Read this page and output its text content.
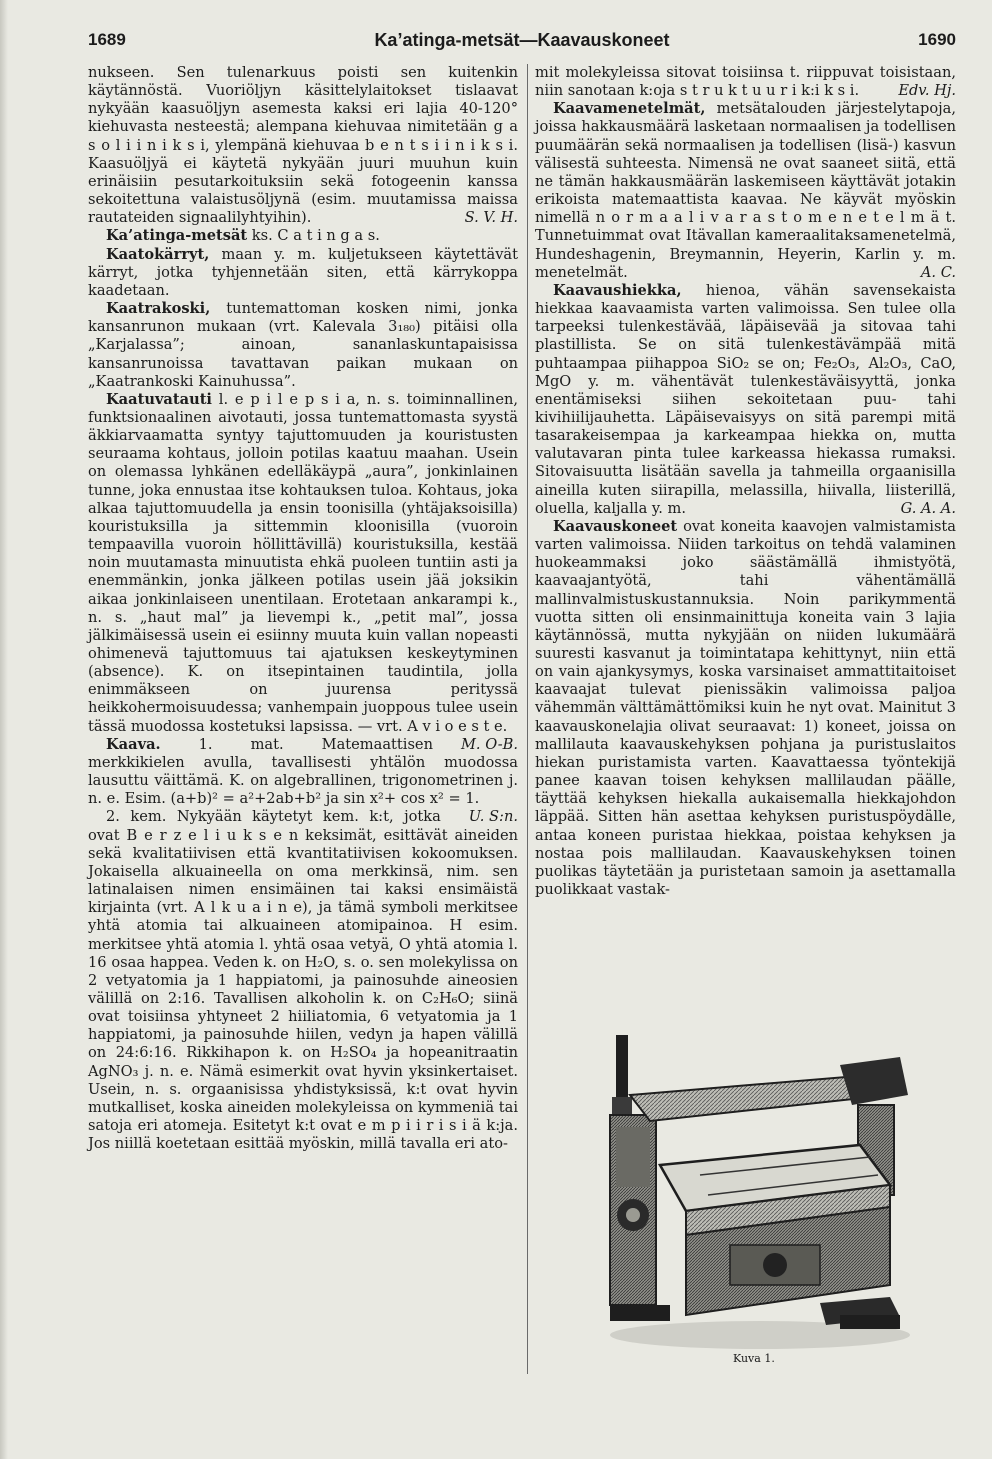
1689	Ka’atinga-metsät—Kaavauskoneet	1690

nukseen. Sen tulenarkuus poisti sen kuitenkin käytännöstä. Vuoriöljyn käsittelylaitokset tislaavat nykyään kaasuöljyn asemesta kaksi eri lajia 40-120° kiehuvasta nesteestä; alempana kiehuvaa nimitetään g a s o l i i n i k s i, ylempänä kiehuvaa b e n t s i i n i k s i. Kaasuöljyä ei käytetä nykyään juuri muuhun kuin erinäisiin pesutarkoituksiin sekä fotogeenin kanssa sekoitettuna valaistusöljynä (esim. muutamissa maissa rautateiden signaalilyhtyihin).	S. V. H.

Ka’atinga-metsät ks. C a t i n g a s.

Kaatokärryt, maan y. m. kuljetukseen käytettävät kärryt, jotka tyhjennetään siten, että kärrykoppa kaadetaan.

Kaatrakoski, tuntemattoman kosken nimi, jonka kansanrunon mukaan (vrt. Kalevala 3₁₈₀) pitäisi olla „Karjalassa”; ainoan, sananlaskuntapaisissa kansanrunoissa tavattavan paikan mukaan on „Kaatrankoski Kainuhussa”.

Kaatuvatauti l. e p i l e p s i a, n. s. toiminnallinen, funktsionaalinen aivotauti, jossa tuntemattomasta syystä äkkiarvaamatta syntyy tajuttomuuden ja kouristusten seuraama kohtaus, jolloin potilas kaatuu maahan. Usein on olemassa lyhkänen edelläkäypä „aura”, jonkinlainen tunne, joka ennustaa itse kohtauksen tuloa. Kohtaus, joka alkaa tajuttomuudella ja ensin toonisilla (yhtäjaksoisilla) kouristuksilla ja sittemmin kloonisilla (vuoroin tempaavilla vuoroin höllittävillä) kouristuksilla, kestää noin muutamasta minuutista ehkä puoleen tuntiin asti ja enemmänkin, jonka jälkeen potilas usein jää joksikin aikaa jonkinlaiseen unentilaan. Erotetaan ankarampi k., n. s. „haut mal” ja lievempi k., „petit mal”, jossa jälkimäisessä usein ei esiinny muuta kuin vallan nopeasti ohimenevä tajuttomuus tai ajatuksen keskeytyminen (absence). K. on itsepintainen taudintila, jolla enimmäkseen on juurensa perityssä heikkohermoisuudessa; vanhempain juoppous tulee usein tässä muodossa kostetuksi lapsissa. — vrt. A v i o e s t e.
M. O-B.

Kaava. 1. mat. Matemaattisen merkkikielen avulla, tavallisesti yhtälön muodossa lausuttu väittämä. K. on algebrallinen, trigonometrinen j. n. e. Esim. (a+b)² = a²+2ab+b² ja sin x²+ cos x² = 1.
U. S:n.

2. kem. Nykyään käytetyt kem. k:t, jotka ovat B e r z e l i u k s e n keksimät, esittävät aineiden sekä kvalitatiivisen että kvantitatiivisen kokoomuksen. Jokaisella alkuaineella on oma merkkinsä, nim. sen latinalaisen nimen ensimäinen tai kaksi ensimäistä kirjainta (vrt. A l k u a i n e), ja tämä symboli merkitsee yhtä atomia tai alkuaineen atomipainoa. H esim. merkitsee yhtä atomia l. yhtä osaa vetyä, O yhtä atomia l. 16 osaa happea. Veden k. on H₂O, s. o. sen molekylissa on 2 vetyatomia ja 1 happiatomi, ja painosuhde aineosien välillä on 2:16. Tavallisen alkoholin k. on C₂H₆O; siinä ovat toisiinsa yhtyneet 2 hiiliatomia, 6 vetyatomia ja 1 happiatomi, ja painosuhde hiilen, vedyn ja hapen välillä on 24:6:16. Rikkihapon k. on H₂SO₄ ja hopeanitraatin AgNO₃ j. n. e. Nämä esimerkit ovat hyvin yksinkertaiset. Usein, n. s. orgaanisissa yhdistyksissä, k:t ovat hyvin mutkalliset, koska aineiden molekyleissa on kymmeniä tai satoja eri atomeja. Esitetyt k:t ovat e m p i i r i s i ä k:ja. Jos niillä koetetaan esittää myöskin, millä tavalla eri ato-

mit molekyleissa sitovat toisiinsa t. riippuvat toisistaan, niin sanotaan k:oja s t r u k t u u r i k:i k s i.	Edv. Hj.

Kaavamenetelmät, metsätalouden järjestelytapoja, joissa hakkausmäärä lasketaan normaalisen ja todellisen puumäärän sekä normaalisen ja todellisen (lisä-) kasvun välisestä suhteesta. Nimensä ne ovat saaneet siitä, että ne tämän hakkausmäärän laskemiseen käyttävät jotakin erikoista matemaattista kaavaa. Ne käyvät myöskin nimellä n o r m a a l i v a r a s t o m e n e t e l m ä t. Tunnetuimmat ovat Itävallan kameraalitaksamenetelmä, Hundeshagenin, Breymannin, Heyerin, Karlin y. m. menetelmät.	A. C.

Kaavaushiekka, hienoa, vähän savensekaista hiekkaa kaavaamista varten valimoissa. Sen tulee olla tarpeeksi tulenkestävää, läpäisevää ja sitovaa tahi plastillista. Se on sitä tulenkestävämpää mitä puhtaampaa piihappoa SiO₂ se on; Fe₂O₃, Al₂O₃, CaO, MgO y. m. vähentävät tulenkestäväisyyttä, jonka enentämiseksi siihen sekoitetaan puu- tahi kivihiilijauhetta. Läpäisevaisyys on sitä parempi mitä tasarakeisempaa ja karkeampaa hiekka on, mutta valutavaran pinta tulee karkeassa hiekassa rumaksi. Sitovaisuutta lisätään savella ja tahmeilla orgaanisilla aineilla kuten siirapilla, melassilla, hiivalla, liisterillä, oluella, kaljalla y. m.	G. A. A.

Kaavauskoneet ovat koneita kaavojen valmistamista varten valimoissa. Niiden tarkoitus on tehdä valaminen huokeammaksi joko säästämällä ihmistyötä, kaavaajantyötä, tahi vähentämällä mallinvalmistuskustannuksia. Noin parikymmentä vuotta sitten oli ensinmainittuja koneita vain 3 lajia käytännössä, mutta nykyjään on niiden lukumäärä suuresti kasvanut ja toimintatapa kehittynyt, niin että on vain ajankysymys, koska varsinaiset ammattitaitoiset kaavaajat tulevat pienissäkin valimoissa paljoa vähemmän välttämättömiksi kuin he nyt ovat. Mainitut 3 kaavauskonelajia olivat seuraavat: 1) koneet, joissa on mallilauta kaavauskehyksen pohjana ja puristuslaitos hiekan puristamista varten. Kaavattaessa työntekijä panee kaavan toisen kehyksen mallilaudan päälle, täyttää kehyksen hiekalla aukaisemalla hiekkajohdon läppää. Sitten hän asettaa kehyksen puristuspöydälle, antaa koneen puristaa hiekkaa, poistaa kehyksen ja nostaa pois mallilaudan. Kaavauskehyksen toinen puolikas täytetään ja puristetaan samoin ja asettamalla puolikkaat vastak-

Kuva 1.
